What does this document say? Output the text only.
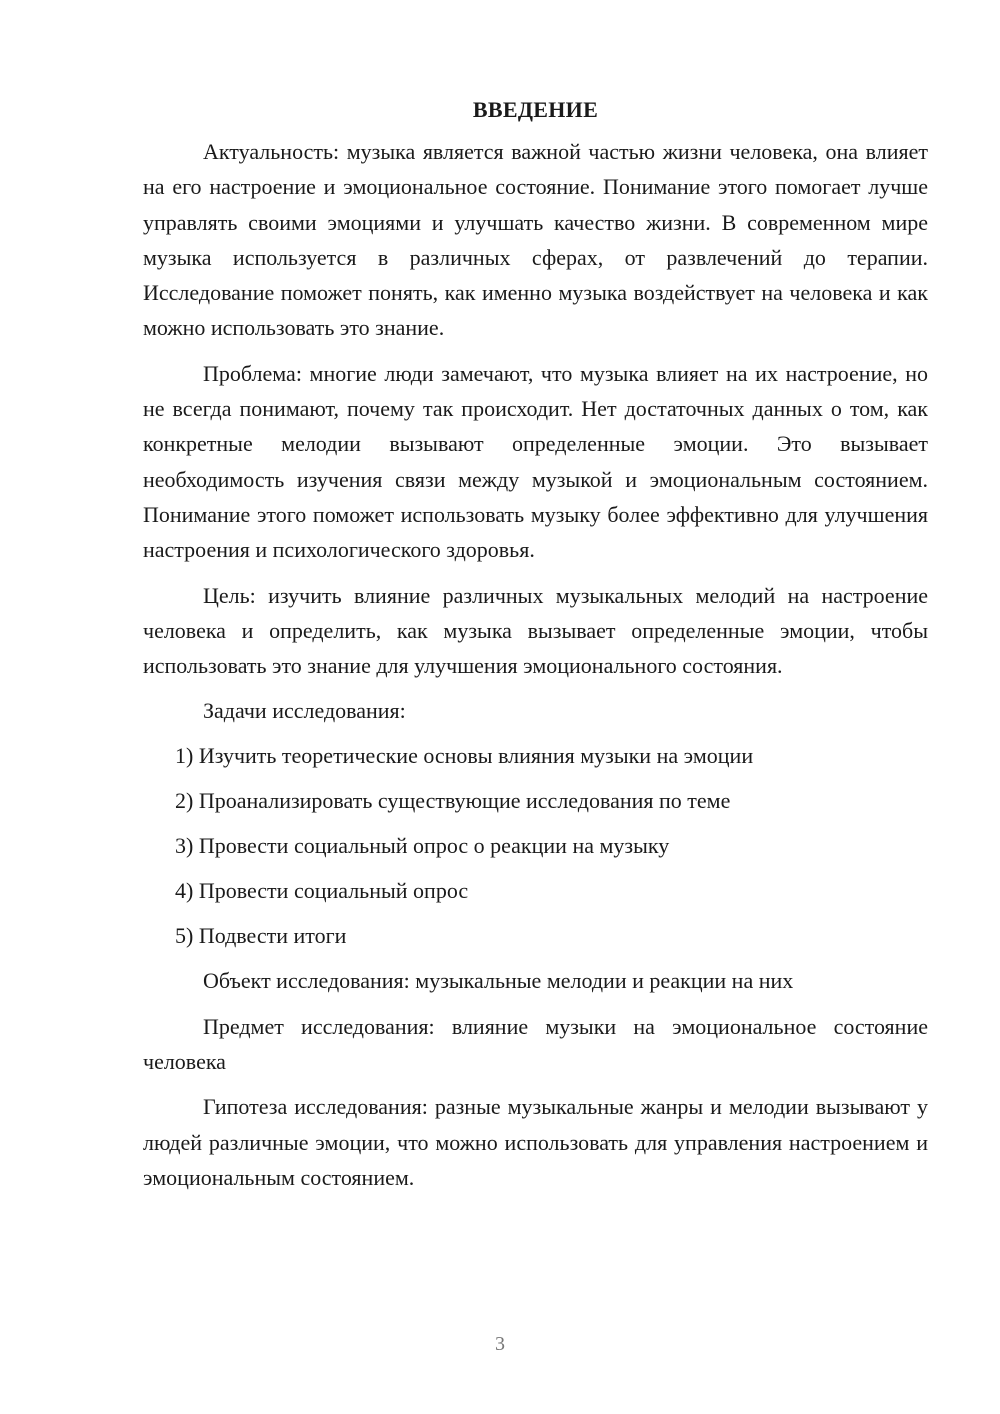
ВВЕДЕНИЕ

Актуальность: музыка является важной частью жизни человека, она влияет на его настроение и эмоциональное состояние. Понимание этого помогает лучше управлять своими эмоциями и улучшать качество жизни. В современном мире музыка используется в различных сферах, от развлечений до терапии. Исследование поможет понять, как именно музыка воздействует на человека и как можно использовать это знание.

Проблема: многие люди замечают, что музыка влияет на их настроение, но не всегда понимают, почему так происходит. Нет достаточных данных о том, как конкретные мелодии вызывают определенные эмоции. Это вызывает необходимость изучения связи между музыкой и эмоциональным состоянием. Понимание этого поможет использовать музыку более эффективно для улучшения настроения и психологического здоровья.

Цель: изучить влияние различных музыкальных мелодий на настроение человека и определить, как музыка вызывает определенные эмоции, чтобы использовать это знание для улучшения эмоционального состояния.

Задачи исследования:

1) Изучить теоретические основы влияния музыки на эмоции
2) Проанализировать существующие исследования по теме
3) Провести социальный опрос о реакции на музыку
4) Провести социальный опрос
5) Подвести итоги

Объект исследования: музыкальные мелодии и реакции на них

Предмет исследования: влияние музыки на эмоциональное состояние человека

Гипотеза исследования: разные музыкальные жанры и мелодии вызывают у людей различные эмоции, что можно использовать для управления настроением и эмоциональным состоянием.

3
